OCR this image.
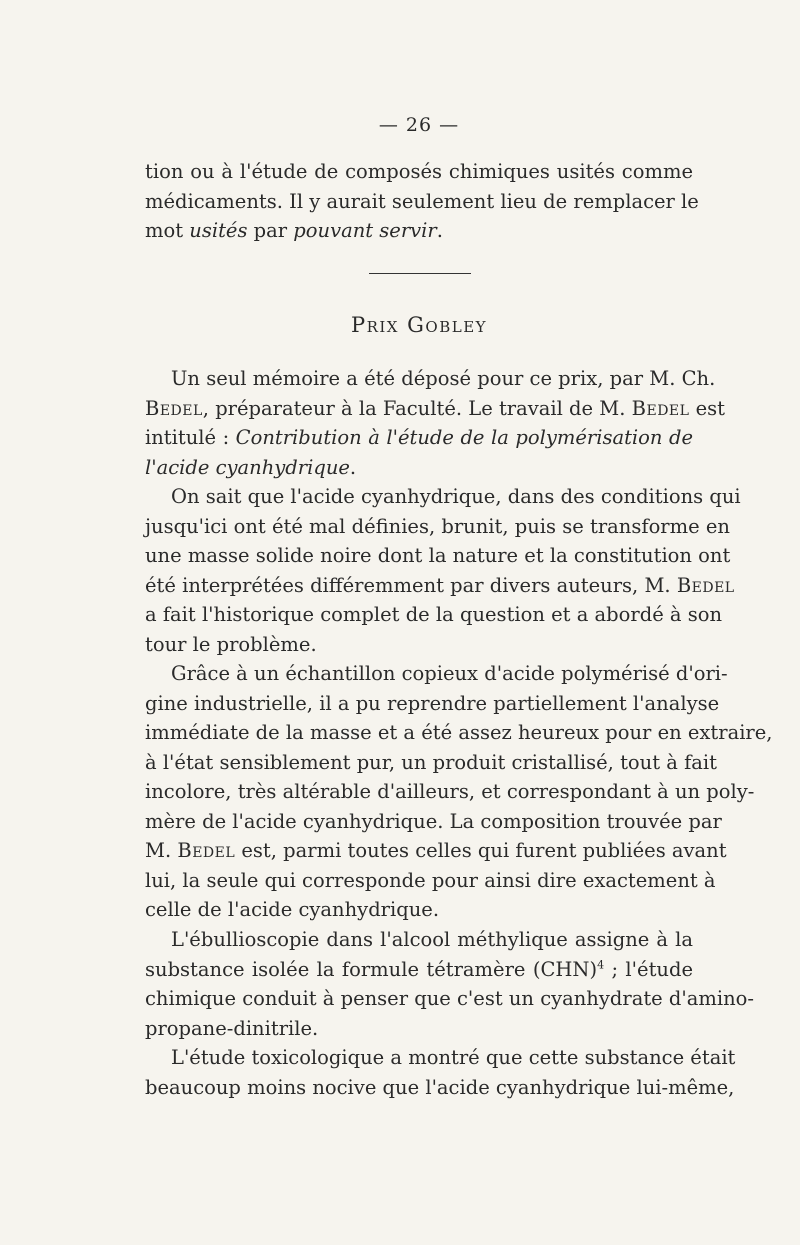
— 26 —

tion ou à l'étude de composés chimiques usités comme
médicaments. Il y aurait seulement lieu de remplacer le
mot usités par pouvant servir.

Prix Gobley

Un seul mémoire a été déposé pour ce prix, par M. Ch.
Bedel, préparateur à la Faculté. Le travail de M. Bedel est
intitulé : Contribution à l'étude de la polymérisation de
l'acide cyanhydrique.

On sait que l'acide cyanhydrique, dans des conditions qui
jusqu'ici ont été mal définies, brunit, puis se transforme en
une masse solide noire dont la nature et la constitution ont
été interprétées différemment par divers auteurs, M. Bedel
a fait l'historique complet de la question et a abordé à son
tour le problème.

Grâce à un échantillon copieux d'acide polymérisé d'ori-
gine industrielle, il a pu reprendre partiellement l'analyse
immédiate de la masse et a été assez heureux pour en extraire,
à l'état sensiblement pur, un produit cristallisé, tout à fait
incolore, très altérable d'ailleurs, et correspondant à un poly-
mère de l'acide cyanhydrique. La composition trouvée par
M. Bedel est, parmi toutes celles qui furent publiées avant
lui, la seule qui corresponde pour ainsi dire exactement à
celle de l'acide cyanhydrique.

L'ébullioscopie dans l'alcool méthylique assigne à la
substance isolée la formule tétramère (CHN)$^4$ ; l'étude
chimique conduit à penser que c'est un cyanhydrate d'amino-
propane-dinitrile.

L'étude toxicologique a montré que cette substance était
beaucoup moins nocive que l'acide cyanhydrique lui-même,
